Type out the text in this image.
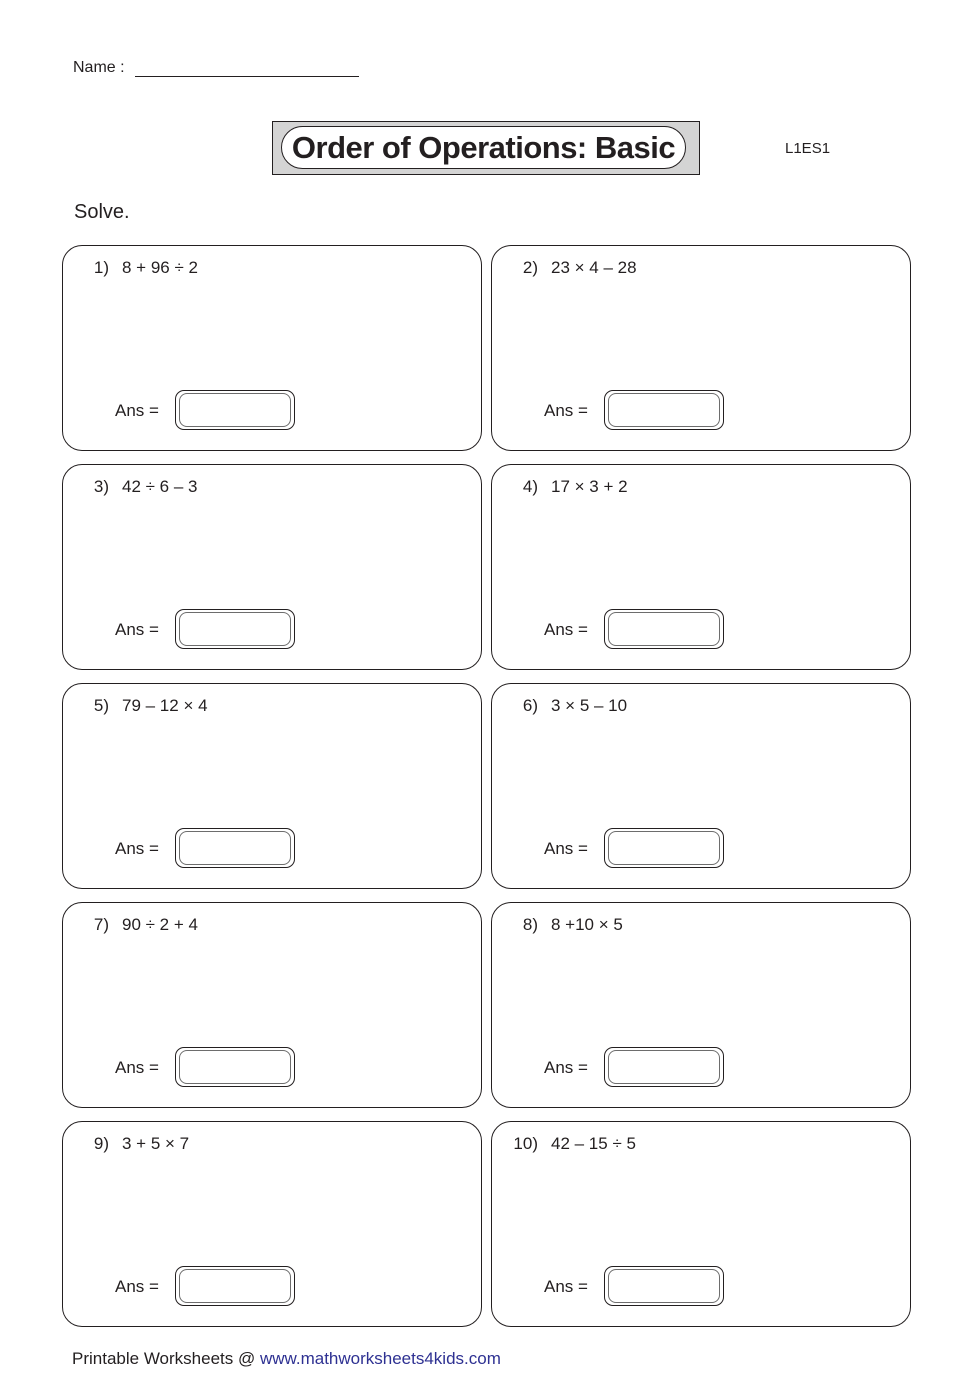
Name :
Order of Operations: Basic	L1ES1
Solve.
1) 8 + 96 ÷ 2
Ans =
2) 23 × 4 – 28
Ans =
3) 42 ÷ 6 – 3
Ans =
4) 17 × 3 + 2
Ans =
5) 79 – 12 × 4
Ans =
6) 3 × 5 – 10
Ans =
7) 90 ÷ 2 + 4
Ans =
8) 8 +10 × 5
Ans =
9) 3 + 5 × 7
Ans =
10) 42 – 15 ÷ 5
Ans =
Printable Worksheets @ www.mathworksheets4kids.com
